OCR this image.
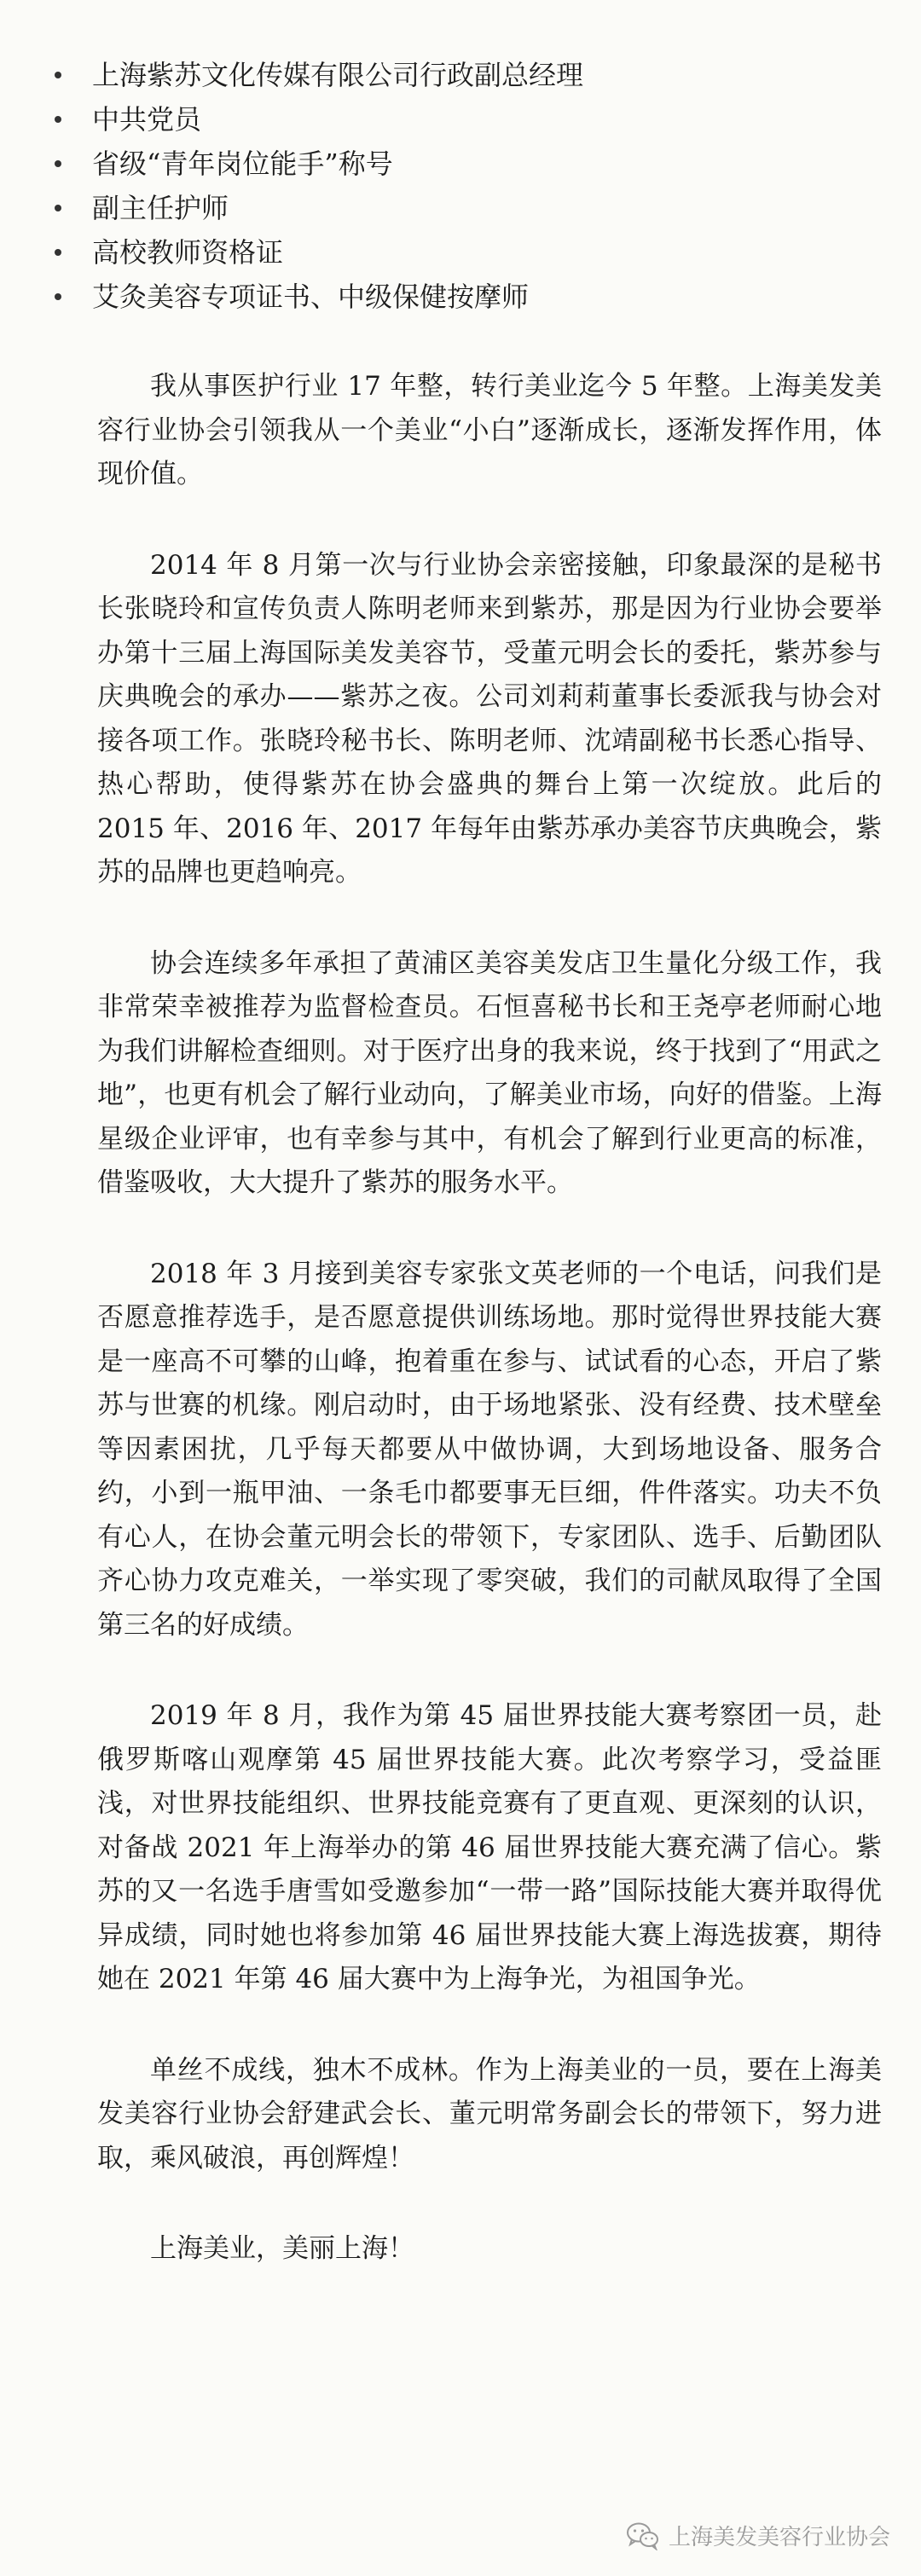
上海紫苏文化传媒有限公司行政副总经理
中共党员
省级“青年岗位能手”称号
副主任护师
高校教师资格证
艾灸美容专项证书、中级保健按摩师

我从事医护行业 17 年整，转行美业迄今 5 年整。上海美发美容行业协会引领我从一个美业“小白”逐渐成长，逐渐发挥作用，体现价值。

2014 年 8 月第一次与行业协会亲密接触，印象最深的是秘书长张晓玲和宣传负责人陈明老师来到紫苏，那是因为行业协会要举办第十三届上海国际美发美容节，受董元明会长的委托，紫苏参与庆典晚会的承办——紫苏之夜。公司刘莉莉董事长委派我与协会对接各项工作。张晓玲秘书长、陈明老师、沈靖副秘书长悉心指导、热心帮助，使得紫苏在协会盛典的舞台上第一次绽放。此后的 2015 年、2016 年、2017 年每年由紫苏承办美容节庆典晚会，紫苏的品牌也更趋响亮。

协会连续多年承担了黄浦区美容美发店卫生量化分级工作，我非常荣幸被推荐为监督检查员。石恒喜秘书长和王尧亭老师耐心地为我们讲解检查细则。对于医疗出身的我来说，终于找到了“用武之地”，也更有机会了解行业动向，了解美业市场，向好的借鉴。上海星级企业评审，也有幸参与其中，有机会了解到行业更高的标准，借鉴吸收，大大提升了紫苏的服务水平。

2018 年 3 月接到美容专家张文英老师的一个电话，问我们是否愿意推荐选手，是否愿意提供训练场地。那时觉得世界技能大赛是一座高不可攀的山峰，抱着重在参与、试试看的心态，开启了紫苏与世赛的机缘。刚启动时，由于场地紧张、没有经费、技术壁垒等因素困扰，几乎每天都要从中做协调，大到场地设备、服务合约，小到一瓶甲油、一条毛巾都要事无巨细，件件落实。功夫不负有心人，在协会董元明会长的带领下，专家团队、选手、后勤团队齐心协力攻克难关，一举实现了零突破，我们的司献凤取得了全国第三名的好成绩。

2019 年 8 月，我作为第 45 届世界技能大赛考察团一员，赴俄罗斯喀山观摩第 45 届世界技能大赛。此次考察学习，受益匪浅，对世界技能组织、世界技能竞赛有了更直观、更深刻的认识，对备战 2021 年上海举办的第 46 届世界技能大赛充满了信心。紫苏的又一名选手唐雪如受邀参加“一带一路”国际技能大赛并取得优异成绩，同时她也将参加第 46 届世界技能大赛上海选拔赛，期待她在 2021 年第 46 届大赛中为上海争光，为祖国争光。

单丝不成线，独木不成林。作为上海美业的一员，要在上海美发美容行业协会舒建武会长、董元明常务副会长的带领下，努力进取，乘风破浪，再创辉煌！

上海美业，美丽上海！

上海美发美容行业协会
